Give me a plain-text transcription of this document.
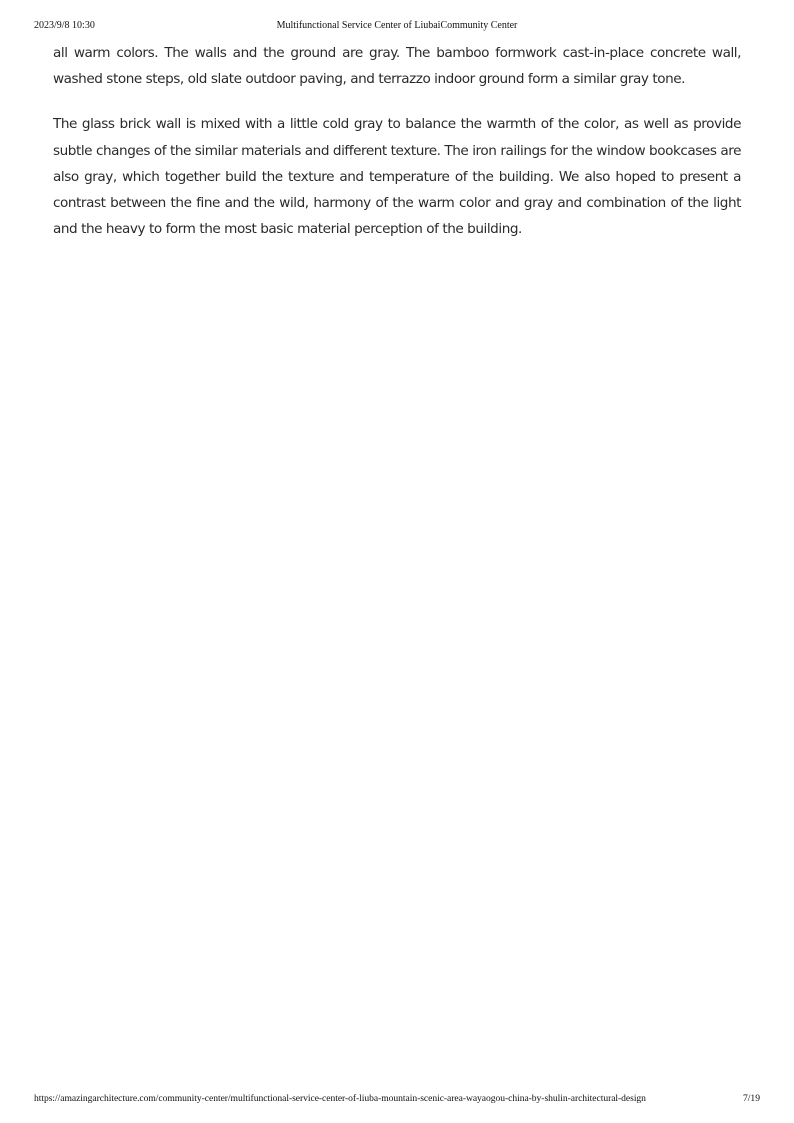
2023/9/8 10:30	Multifunctional Service Center of LiubaiCommunity Center

all warm colors. The walls and the ground are gray. The bamboo formwork cast-in-place concrete wall, washed stone steps, old slate outdoor paving, and terrazzo indoor ground form a similar gray tone.

The glass brick wall is mixed with a little cold gray to balance the warmth of the color, as well as provide subtle changes of the similar materials and different texture. The iron railings for the window bookcases are also gray, which together build the texture and temperature of the building. We also hoped to present a contrast between the fine and the wild, harmony of the warm color and gray and combination of the light and the heavy to form the most basic material perception of the building.

https://amazingarchitecture.com/community-center/multifunctional-service-center-of-liuba-mountain-scenic-area-wayaogou-china-by-shulin-architectural-design	7/19
